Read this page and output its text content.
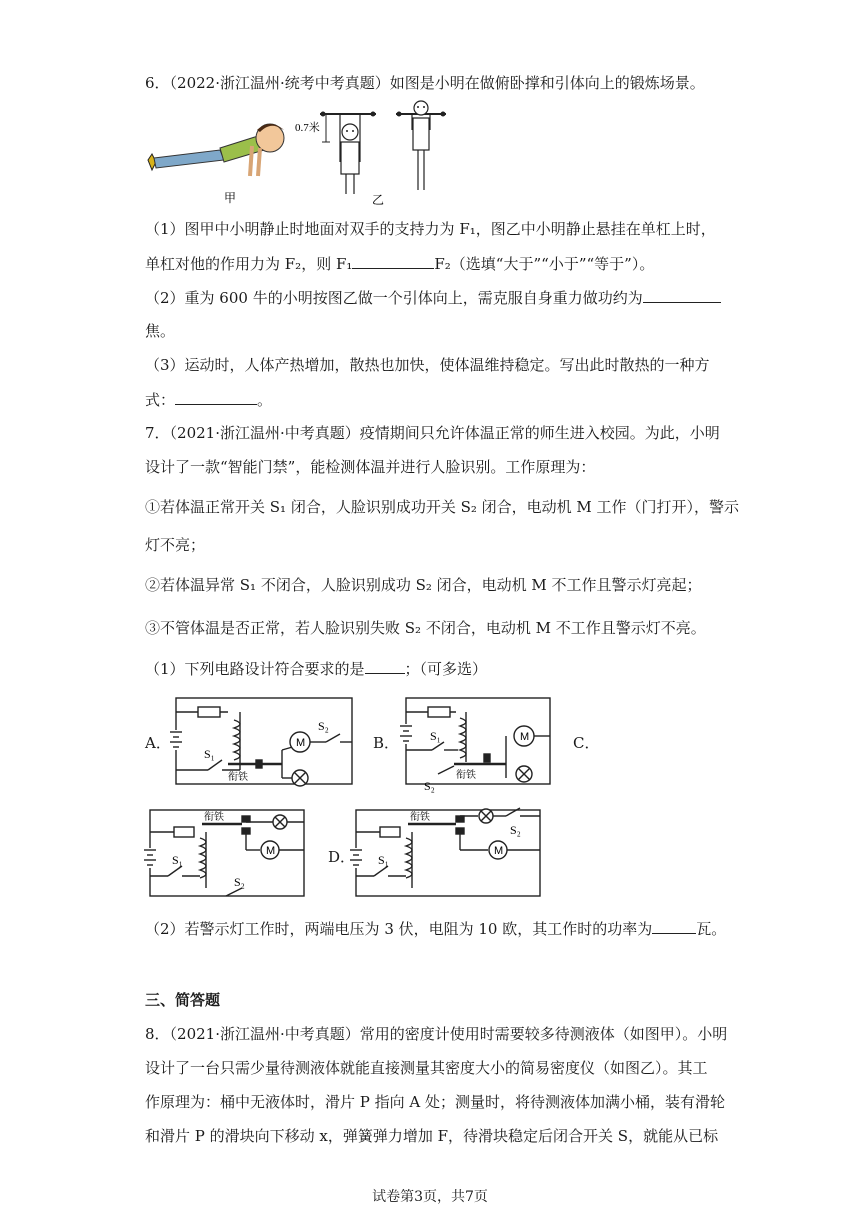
6．（2022·浙江温州·统考中考真题）如图是小明在做俯卧撑和引体向上的锻炼场景。
0.7米
甲	乙
（1）图甲中小明静止时地面对双手的支持力为 F₁，图乙中小明静止悬挂在单杠上时，
单杠对他的作用力为 F₂，则 F₁	F₂（选填“大于”“小于”“等于”）。
（2）重为 600 牛的小明按图乙做一个引体向上，需克服自身重力做功约为
焦。
（3）运动时，人体产热增加，散热也加快，使体温维持稳定。写出此时散热的一种方
式：	。
7．（2021·浙江温州·中考真题）疫情期间只允许体温正常的师生进入校园。为此，小明
设计了一款“智能门禁”，能检测体温并进行人脸识别。工作原理为：
①若体温正常开关 S₁ 闭合，人脸识别成功开关 S₂ 闭合，电动机 M 工作（门打开），警示
灯不亮；
②若体温异常 S₁ 不闭合，人脸识别成功 S₂ 闭合，电动机 M 不工作且警示灯亮起；
③不管体温是否正常，若人脸识别失败 S₂ 不闭合，电动机 M 不工作且警示灯不亮。
（1）下列电路设计符合要求的是	；（可多选）
A．	B．	C．
D．
M
S₁
S₂
衔铁
M
S₁
S₂
衔铁
M
S₁
S₂
衔铁
M
S₁
S₂
衔铁
（2）若警示灯工作时，两端电压为 3 伏，电阻为 10 欧，其工作时的功率为	瓦。
三、简答题
8．（2021·浙江温州·中考真题）常用的密度计使用时需要较多待测液体（如图甲）。小明
设计了一台只需少量待测液体就能直接测量其密度大小的简易密度仪（如图乙）。其工
作原理为：桶中无液体时，滑片 P 指向 A 处；测量时，将待测液体加满小桶，装有滑轮
和滑片 P 的滑块向下移动 x，弹簧弹力增加 F，待滑块稳定后闭合开关 S，就能从已标
试卷第3页，共7页
